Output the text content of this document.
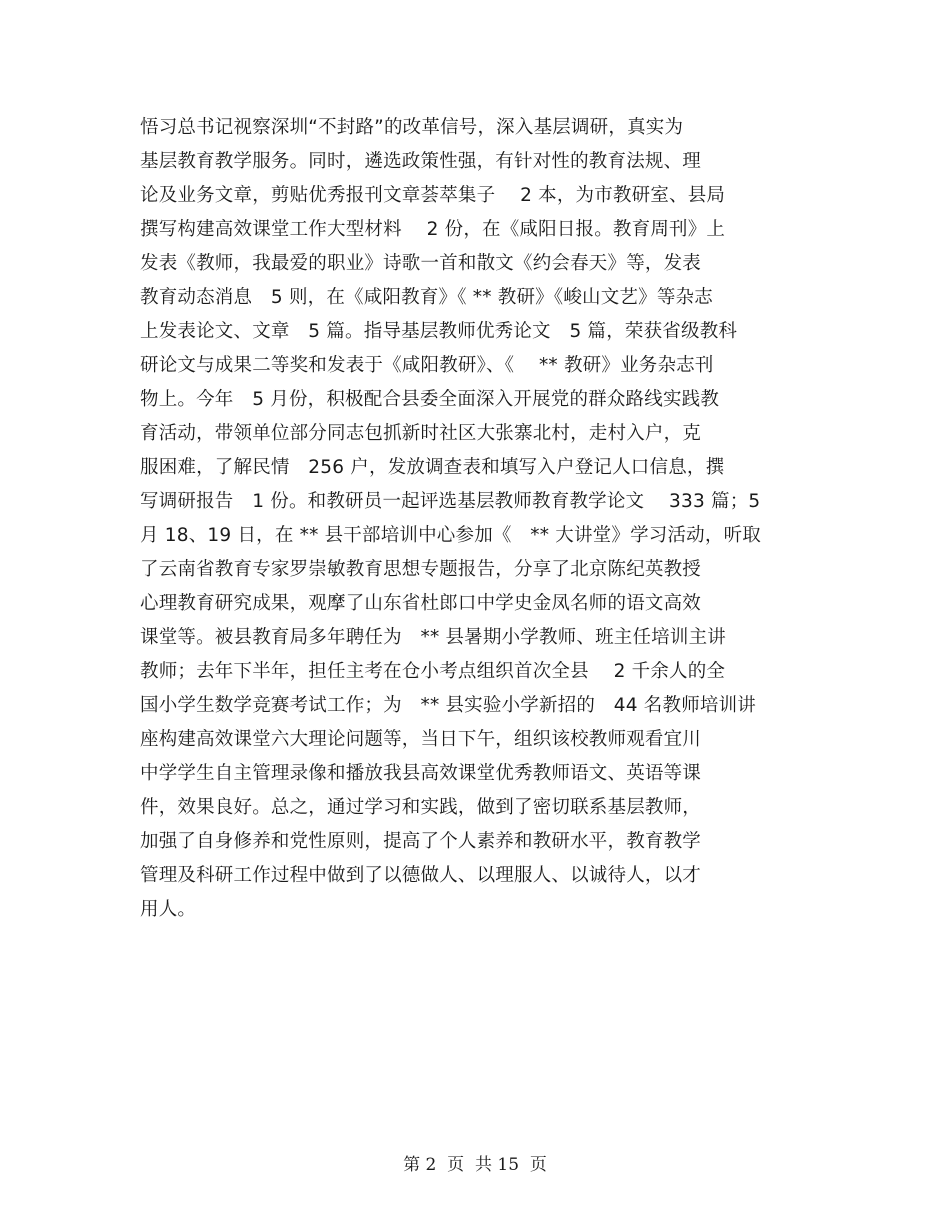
悟习总书记视察深圳“不封路”的改革信号，深入基层调研，真实为
基层教育教学服务。同时，遴选政策性强，有针对性的教育法规、理
论及业务文章，剪贴优秀报刊文章荟萃集子　 2 本，为市教研室、县局
撰写构建高效课堂工作大型材料　 2 份，在《咸阳日报。教育周刊》上
发表《教师，我最爱的职业》诗歌一首和散文《约会春天》等，发表
教育动态消息　5 则，在《咸阳教育》《 ** 教研》《峻山文艺》等杂志
上发表论文、文章　5 篇。指导基层教师优秀论文　5 篇，荣获省级教科
研论文与成果二等奖和发表于《咸阳教研》、《　 ** 教研》业务杂志刊
物上。今年　5 月份，积极配合县委全面深入开展党的群众路线实践教
育活动，带领单位部分同志包抓新时社区大张寨北村，走村入户，克
服困难，了解民情　256 户，发放调查表和填写入户登记人口信息，撰
写调研报告　1 份。和教研员一起评选基层教师教育教学论文　 333 篇；5
月 18、19 日，在 ** 县干部培训中心参加《　** 大讲堂》学习活动，听取
了云南省教育专家罗崇敏教育思想专题报告，分享了北京陈纪英教授
心理教育研究成果，观摩了山东省杜郎口中学史金凤名师的语文高效
课堂等。被县教育局多年聘任为　** 县暑期小学教师、班主任培训主讲
教师；去年下半年，担任主考在仓小考点组织首次全县　 2 千余人的全
国小学生数学竞赛考试工作；为　** 县实验小学新招的　44 名教师培训讲
座构建高效课堂六大理论问题等，当日下午，组织该校教师观看宜川
中学学生自主管理录像和播放我县高效课堂优秀教师语文、英语等课
件，效果良好。总之，通过学习和实践，做到了密切联系基层教师，
加强了自身修养和党性原则，提高了个人素养和教研水平，教育教学
管理及科研工作过程中做到了以德做人、以理服人、以诚待人，以才
用人。
第 2  页  共 15  页
